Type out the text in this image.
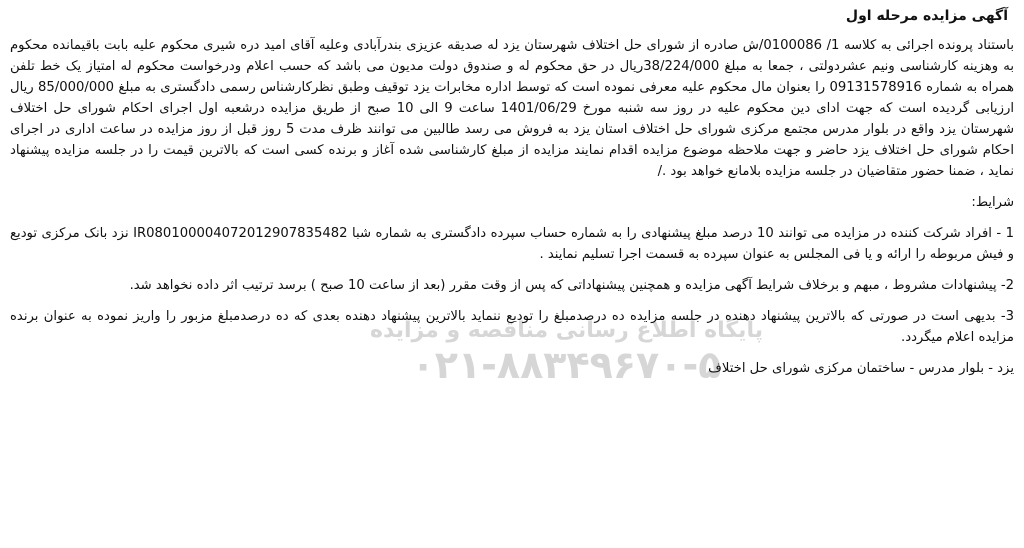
پایگاه اطلاع رسانی مناقصه و مزایده
۰۲۱-۸۸۳۴۹۶۷۰-۵
آگهی مزایده مرحله اول
باستناد پرونده اجرائی به کلاسه 1/ 0100086/ش صادره از شورای حل اختلاف شهرستان یزد له صدیقه عزیزی بندرآبادی وعلیه آقای امید دره شیری محکوم علیه بابت باقیمانده محکوم به وهزینه کارشناسی ونیم عشردولتی ، جمعا به مبلغ 38/224/000ریال در حق محکوم له و صندوق دولت مدیون می باشد که حسب اعلام ودرخواست محکوم له امتیاز یک خط تلفن همراه به شماره 09131578916 را بعنوان مال محکوم علیه معرفی نموده است که توسط اداره مخابرات یزد توقیف وطبق نظرکارشناس رسمی دادگستری به مبلغ 85/000/000 ریال ارزیابی گردیده است که جهت ادای دین محکوم علیه در روز سه شنبه مورخ 1401/06/29 ساعت 9 الی 10 صبح از طریق مزایده درشعبه اول اجرای احکام شورای حل اختلاف شهرستان یزد واقع در بلوار مدرس مجتمع مرکزی شورای حل اختلاف استان یزد به فروش می رسد طالبین می توانند ظرف مدت 5 روز قبل از روز مزایده در ساعت اداری در اجرای احکام شورای حل اختلاف یزد حاضر و جهت ملاحظه موضوع مزایده اقدام نمایند مزایده از مبلغ کارشناسی شده آغاز و برنده کسی است که بالاترین قیمت را در جلسه مزایده پیشنهاد نماید ، ضمنا حضور متقاضیان در جلسه مزایده بلامانع خواهد بود ./
شرایط:
1 - افراد شرکت کننده در مزایده می توانند 10 درصد مبلغ پیشنهادی را به شماره حساب سپرده دادگستری به شماره شبا IR080100004072012907835482 نزد بانک مرکزی تودیع و فیش مربوطه را ارائه و یا فی المجلس به عنوان سپرده به قسمت اجرا تسلیم نمایند .
2- پیشنهادات مشروط ، مبهم و برخلاف شرایط آگهی مزایده و همچنین پیشنهاداتی که پس از وقت مقرر (بعد از ساعت 10 صبح ) برسد ترتیب اثر داده نخواهد شد.
3- بدیهی است در صورتی که بالاترین پیشنهاد دهنده در جلسه مزایده ده درصدمبلغ را تودیع ننماید بالاترین پیشنهاد دهنده بعدی که ده درصدمبلغ مزبور را واریز نموده به عنوان برنده مزایده اعلام میگردد.
یزد - بلوار مدرس - ساختمان مرکزی شورای حل اختلاف
